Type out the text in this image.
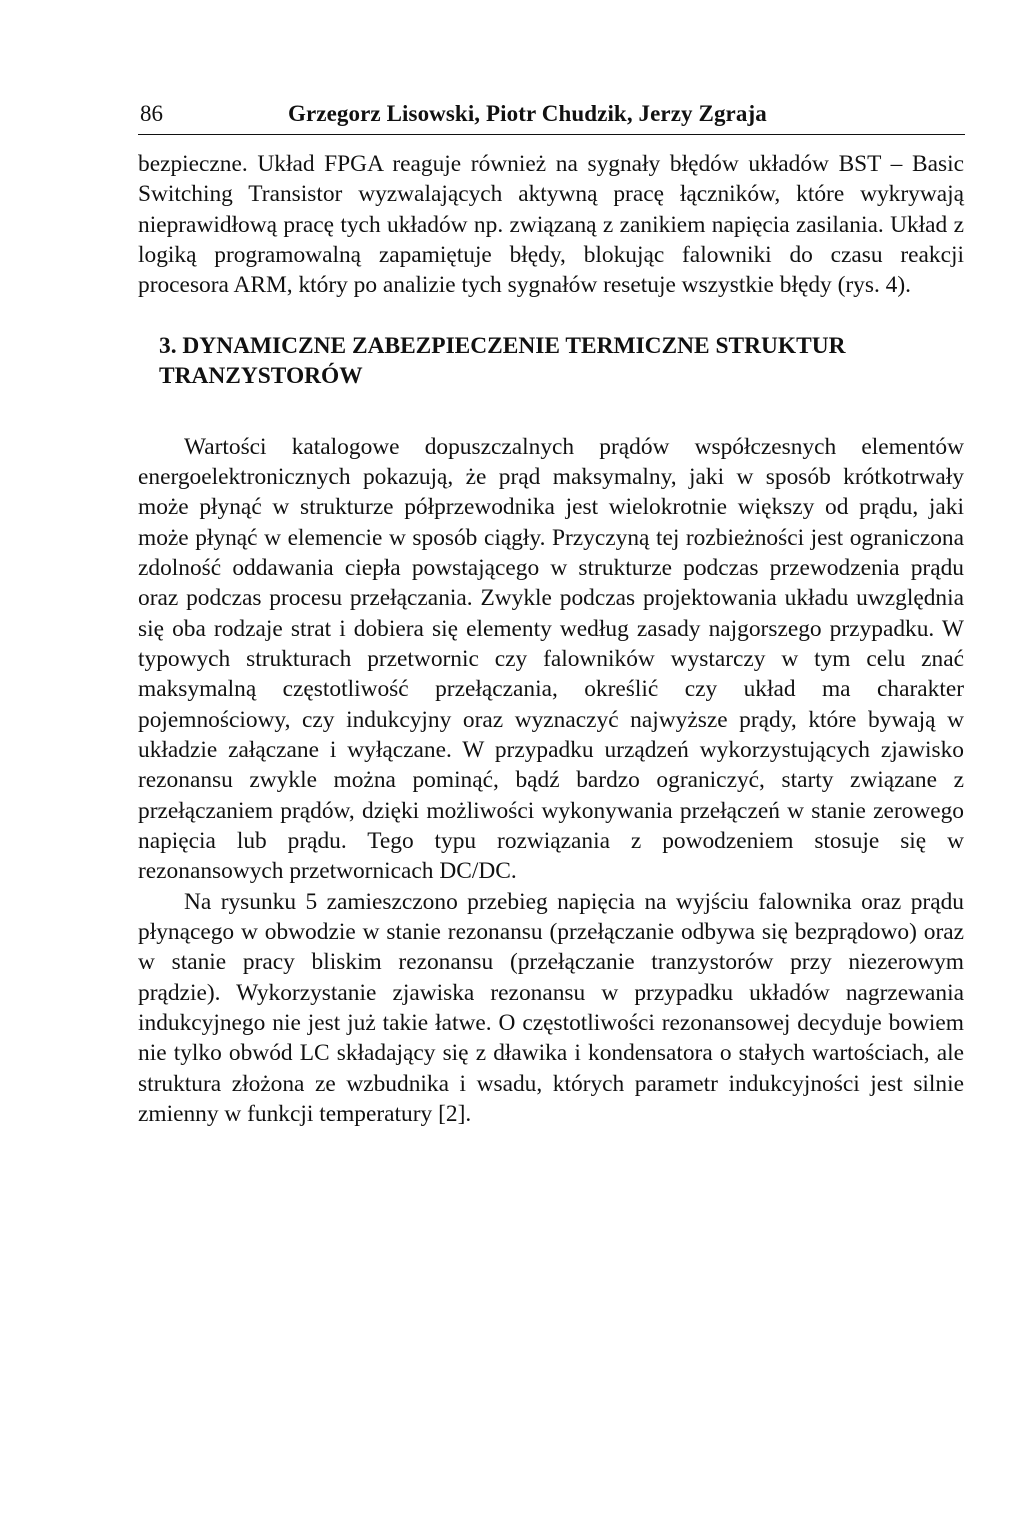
86	Grzegorz Lisowski, Piotr Chudzik, Jerzy Zgraja

bezpieczne. Układ FPGA reaguje również na sygnały błędów układów BST – Basic Switching Transistor wyzwalających aktywną pracę łączników, które wykrywają nieprawidłową pracę tych układów np. związaną z zanikiem napięcia zasilania. Układ z logiką programowalną zapamiętuje błędy, blokując falowniki do czasu reakcji procesora ARM, który po analizie tych sygnałów resetuje wszystkie błędy (rys. 4).

3. DYNAMICZNE ZABEZPIECZENIE TERMICZNE STRUKTUR
TRANZYSTORÓW

Wartości katalogowe dopuszczalnych prądów współczesnych elementów energoelektronicznych pokazują, że prąd maksymalny, jaki w sposób krótkotrwały może płynąć w strukturze półprzewodnika jest wielokrotnie większy od prądu, jaki może płynąć w elemencie w sposób ciągły. Przyczyną tej rozbieżności jest ograniczona zdolność oddawania ciepła powstającego w strukturze podczas przewodzenia prądu oraz podczas procesu przełączania. Zwykle podczas projektowania układu uwzględnia się oba rodzaje strat i dobiera się elementy według zasady najgorszego przypadku. W typowych strukturach przetwornic czy falowników wystarczy w tym celu znać maksymalną częstotliwość przełączania, określić czy układ ma charakter pojemnościowy, czy indukcyjny oraz wyznaczyć najwyższe prądy, które bywają w układzie załączane i wyłączane. W przypadku urządzeń wykorzystujących zjawisko rezonansu zwykle można pominąć, bądź bardzo ograniczyć, starty związane z przełączaniem prądów, dzięki możliwości wykonywania przełączeń w stanie zerowego napięcia lub prądu. Tego typu rozwiązania z powodzeniem stosuje się w rezonansowych przetwornicach DC/DC.

Na rysunku 5 zamieszczono przebieg napięcia na wyjściu falownika oraz prądu płynącego w obwodzie w stanie rezonansu (przełączanie odbywa się bezprądowo) oraz w stanie pracy bliskim rezonansu (przełączanie tranzystorów przy niezerowym prądzie). Wykorzystanie zjawiska rezonansu w przypadku układów nagrzewania indukcyjnego nie jest już takie łatwe. O częstotliwości rezonansowej decyduje bowiem nie tylko obwód LC składający się z dławika i kondensatora o stałych wartościach, ale struktura złożona ze wzbudnika i wsadu, których parametr indukcyjności jest silnie zmienny w funkcji temperatury [2].
